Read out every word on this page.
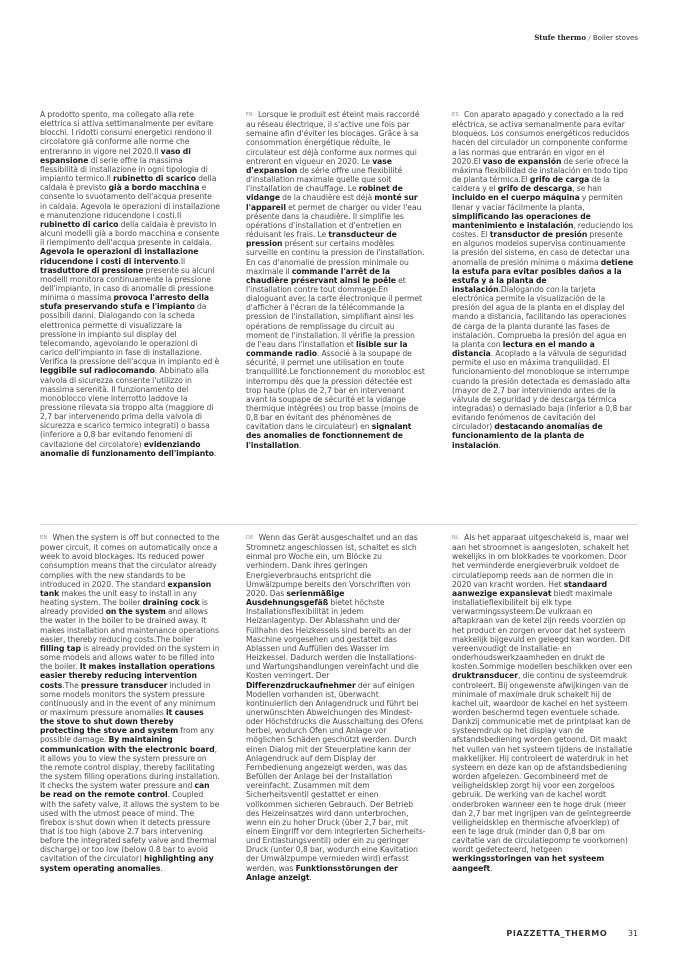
Stufe thermo / Boiler stoves

A prodotto spento, ma collegato alla rete elettrica si attiva settimanalmente per evitare blocchi. I ridotti consumi energetici rendono il circolatore già conforme alle norme che entreranno in vigore nel 2020.Il vaso di espansione di serie offre la massima flessibilità di installazione in ogni tipologia di impianto termico.Il rubinetto di scarico della caldaia è previsto già a bordo macchina e consente lo svuotamento dell'acqua presente in caldaia. Agevola le operazioni di installazione e manutenzione riducendone i costi.Il rubinetto di carico della caldaia è previsto in alcuni modelli già a bordo macchina e consente il riempimento dell'acqua presente in caldaia. Agevola le operazioni di installazione riducendone i costi di intervento.Il trasduttore di pressione presente su alcuni modelli monitora continuamente la pressione dell'impianto, in caso di anomalie di pressione minima o massima provoca l'arresto della stufa preservando stufa e l'impianto da possibili danni. Dialogando con la scheda elettronica permette di visualizzare la pressione in impianto sul display del telecomando, agevolando le operazioni di carico dell'impianto in fase di installazione. Verifica la pressione dell'acqua in impianto ed è leggibile sul radiocomando. Abbinato alla valvola di sicurezza consente l'utilizzo in massima serenità. Il funzionamento del monoblocco viene interrotto laddove la pressione rilevata sia troppo alta (maggiore di 2,7 bar intervenendo prima della valvola di sicurezza e scarico termico integrati) o bassa (inferiore a 0,8 bar evitando fenomeni di cavitazione del circolatore) evidenziando anomalie di funzionamento dell'impianto.

FR Lorsque le produit est éteint mais raccordé au réseau électrique, il s'active une fois par semaine afin d'éviter les blocages. Grâce à sa consommation énergétique réduite, le circulateur est déjà conforme aux normes qui entreront en vigueur en 2020. Le vase d'expansion de série offre une flexibilité d'installation maximale quelle que soit l'installation de chauffage. Le robinet de vidange de la chaudière est déjà monté sur l'appareil et permet de charger ou vider l'eau présente dans la chaudière. Il simplifie les opérations d'installation et d'entretien en réduisant les frais. Le transducteur de pression présent sur certains modèles surveille en continu la pression de l'installation. En cas d'anomalie de pression minimale ou maximale il commande l'arrêt de la chaudière préservant ainsi le poêle et l'installation contre tout dommage.En dialoguant avec la carte électronique il permet d'afficher à l'écran de la télécommande la pression de l'installation, simplifiant ainsi les opérations de remplissage du circuit au moment de l'installation. Il vérifie la pression de l'eau dans l'installation et lisible sur la commande radio. Associé à la soupape de sécurité, il permet une utilisation en toute tranquillité.Le fonctionnement du monobloc est interrompu dès que la pression détectée est trop haute (plus de 2,7 bar en intervenant avant la soupape de sécurité et la vidange thermique intégrées) ou trop basse (moins de 0,8 bar en évitant des phénomènes de cavitation dans le circulateur) en signalant des anomalies de fonctionnement de l'installation.

ES Con aparato apagado y conectado a la red eléctrica, se activa semanalmente para evitar bloqueos. Los consumos energéticos reducidos hacen del circulador un componente conforme a las normas que entrarán en vigor en el 2020.El vaso de expansión de serie ofrece la máxima flexibilidad de instalación en todo tipo de planta térmica.El grifo de carga de la caldera y el grifo de descarga, se han incluido en el cuerpo máquina y permiten llenar y vaciar fácilmente la planta, simplificando las operaciones de mantenimiento e instalación, reduciendo los costes. El transductor de presión presente en algunos modelos supervisa continuamente la presión del sistema, en caso de detectar una anomalía de presión mínima o máxima detiene la estufa para evitar posibles daños a la estufa y a la planta de instalación.Dialogando con la tarjeta electrónica permite la visualización de la presión del agua de la planta en el display del mando a distancia, facilitando las operaciones de carga de la planta durante las fases de instalación. Comprueba la presión del agua en la planta con lectura en el mando a distancia. Acoplado a la válvula de seguridad permite el uso en máxima tranquilidad. El funcionamiento del monobloque se interrumpe cuando la presión detectada es demasiado alta (mayor de 2,7 bar interviniendo antes de la válvula de seguridad y de descarga térmica integradas) o demasiado baja (inferior a 0,8 bar evitando fenómenos de cavitación del circulador) destacando anomalías de funcionamiento de la planta de instalación.

EN When the system is off but connected to the power circuit, it comes on automatically once a week to avoid blockages. Its reduced power consumption means that the circulator already complies with the new standards to be introduced in 2020. The standard expansion tank makes the unit easy to install in any heating system. The boiler draining cock is already provided on the system and allows the water in the boiler to be drained away. It makes installation and maintenance operations easier, thereby reducing costs.The boiler filling tap is already provided on the system in some models and allows water to be filled into the boiler. It makes installation operations easier thereby reducing intervention costs.The pressure transducer included in some models monitors the system pressure continuously and in the event of any minimum or maximum pressure anomalies it causes the stove to shut down thereby protecting the stove and system from any possible damage. By maintaining communication with the electronic board, it allows you to view the system pressure on the remote control display, thereby facilitating the system filling operations during installation. It checks the system water pressure and can be read on the remote control. Coupled with the safety valve, it allows the system to be used with the utmost peace of mind. The firebox is shut down when it detects pressure that is too high (above 2.7 bars intervening before the integrated safety valve and thermal discharge) or too low (below 0.8 bar to avoid cavitation of the circulator) highlighting any system operating anomalies.

DE Wenn das Gerät ausgeschaltet und an das Stromnetz angeschlossen ist, schaltet es sich einmal pro Woche ein, um Blöcke zu verhindern. Dank ihres geringen Energieverbrauchs entspricht die Umwälzpumpe bereits den Vorschriften von 2020. Das serienmäßige Ausdehnungsgefäß bietet höchste Installationsflexibilität in jedem Heizanlagentyp. Der Ablasshahn und der Füllhahn des Heizkessels sind bereits an der Maschine vorgesehen und gestattet das Ablassen und Auffüllen des Wasser im Heizkessel. Dadurch werden die Installations- und Wartungshandlungen vereinfacht und die Kosten verringert. Der Differenzdruckaufnehmer der auf einigen Modellen vorhanden ist, überwacht kontinuierlich den Anlagendruck und führt bei unerwünschten Abweichungen des Mindest- oder Höchstdrucks die Ausschaltung des Ofens herbei, wodurch Ofen und Anlage vor möglichen Schäden geschützt werden. Durch einen Dialog mit der Steuerplatine kann der Anlagendruck auf dem Display der Fernbedienung angezeigt werden, was das Befüllen der Anlage bei der Installation vereinfacht. Zusammen mit dem Sicherheitsventil gestattet er einen vollkommen sicheren Gebrauch. Der Betrieb des Heizeinsatzes wird dann unterbrochen, wenn ein zu hoher Druck (über 2,7 bar, mit einem Eingriff vor dem integrierten Sicherheits- und Entlastungsventil) oder ein zu geringer Druck (unter 0,8 bar, wodurch eine Kavitation der Umwälzpumpe vermieden wird) erfasst werden, was Funktionsstörungen der Anlage anzeigt.

NL Als het apparaat uitgeschakeld is, maar wel aan het stroomnet is aangesloten, schakelt het wekelijks in om blokkades te voorkomen. Door het verminderde energieverbruik voldoet de circulatiepomp reeds aan de normen die in 2020 van kracht worden. Het standaard aanwezige expansievat biedt maximale installatieflexibiliteit bij elk type verwarmingssysteem.De vulkraan en aftapkraan van de ketel zijn reeds voorzien op het product en zorgen ervoor dat het systeem makkelijk bijgevuld en geleegd kan worden. Dit vereenvoudigt de installatie- en onderhoudswerkzaamheden en drukt de kosten.Sommige modellen beschikken over een druktransducer, die continu de systeemdruk controleert. Bij ongewenste afwijkingen van de minimale of maximale druk schakelt hij de kachel uit, waardoor de kachel en het systeem worden beschermd tegen eventuele schade. Dankzij communicatie met de printplaat kan de systeemdruk op het display van de afstandsbediening worden getoond. Dit maakt het vullen van het systeem tijdens de installatie makkelijker. Hij controleert de waterdruk in het systeem en deze kan op de afstandsbediening worden afgelezen. Gecombineerd met de veiligheidsklep zorgt hij voor een zorgeloos gebruik. De werking van de kachel wordt onderbroken wanneer een te hoge druk (meer dan 2,7 bar met ingrijpen van de geïntegreerde veiligheidsklep en thermische afvoerklep) of een te lage druk (minder dan 0,8 bar om cavitatie van de circulatiepomp te voorkomen) wordt gedetecteerd, hetgeen werkingsstoringen van het systeem aangeeft.

PIAZZETTA_THERMO	31
